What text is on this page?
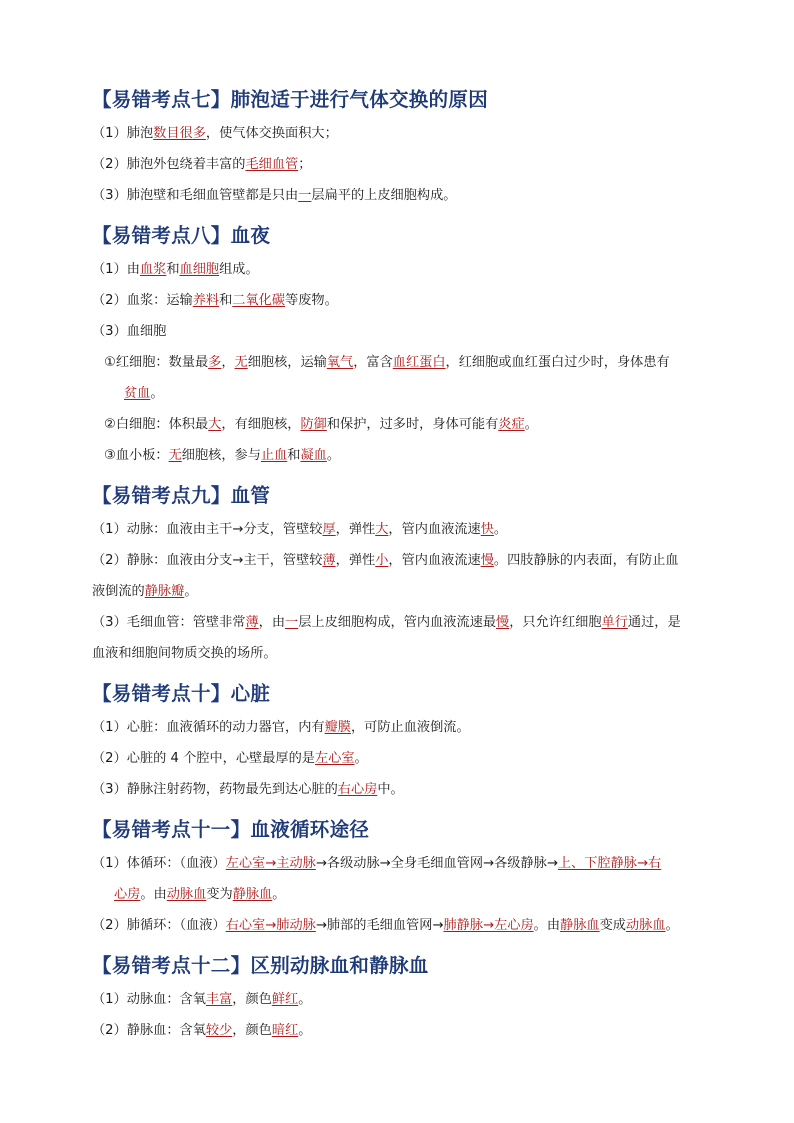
【易错考点七】肺泡适于进行气体交换的原因
（1）肺泡数目很多，使气体交换面积大；
（2）肺泡外包绕着丰富的毛细血管；
（3）肺泡壁和毛细血管壁都是只由一层扁平的上皮细胞构成。
【易错考点八】血夜
（1）由血浆和血细胞组成。
（2）血浆：运输养料和二氧化碳等废物。
（3）血细胞
①红细胞：数量最多，无细胞核，运输氧气，富含血红蛋白，红细胞或血红蛋白过少时，身体患有
贫血。
②白细胞：体积最大，有细胞核，防御和保护，过多时，身体可能有炎症。
③血小板：无细胞核，参与止血和凝血。
【易错考点九】血管
（1）动脉：血液由主干→分支，管壁较厚，弹性大，管内血液流速快。
（2）静脉：血液由分支→主干，管壁较薄，弹性小，管内血液流速慢。四肢静脉的内表面，有防止血
液倒流的静脉瓣。
（3）毛细血管：管壁非常薄，由一层上皮细胞构成，管内血液流速最慢，只允许红细胞单行通过，是
血液和细胞间物质交换的场所。
【易错考点十】心脏
（1）心脏：血液循环的动力器官，内有瓣膜，可防止血液倒流。
（2）心脏的 4 个腔中，心壁最厚的是左心室。
（3）静脉注射药物，药物最先到达心脏的右心房中。
【易错考点十一】血液循环途径
（1）体循环：（血液）左心室→主动脉→各级动脉→全身毛细血管网→各级静脉→上、下腔静脉→右
心房。由动脉血变为静脉血。
（2）肺循环：（血液）右心室→肺动脉→肺部的毛细血管网→肺静脉→左心房。由静脉血变成动脉血。
【易错考点十二】区别动脉血和静脉血
（1）动脉血：含氧丰富，颜色鲜红。
（2）静脉血：含氧较少，颜色暗红。
